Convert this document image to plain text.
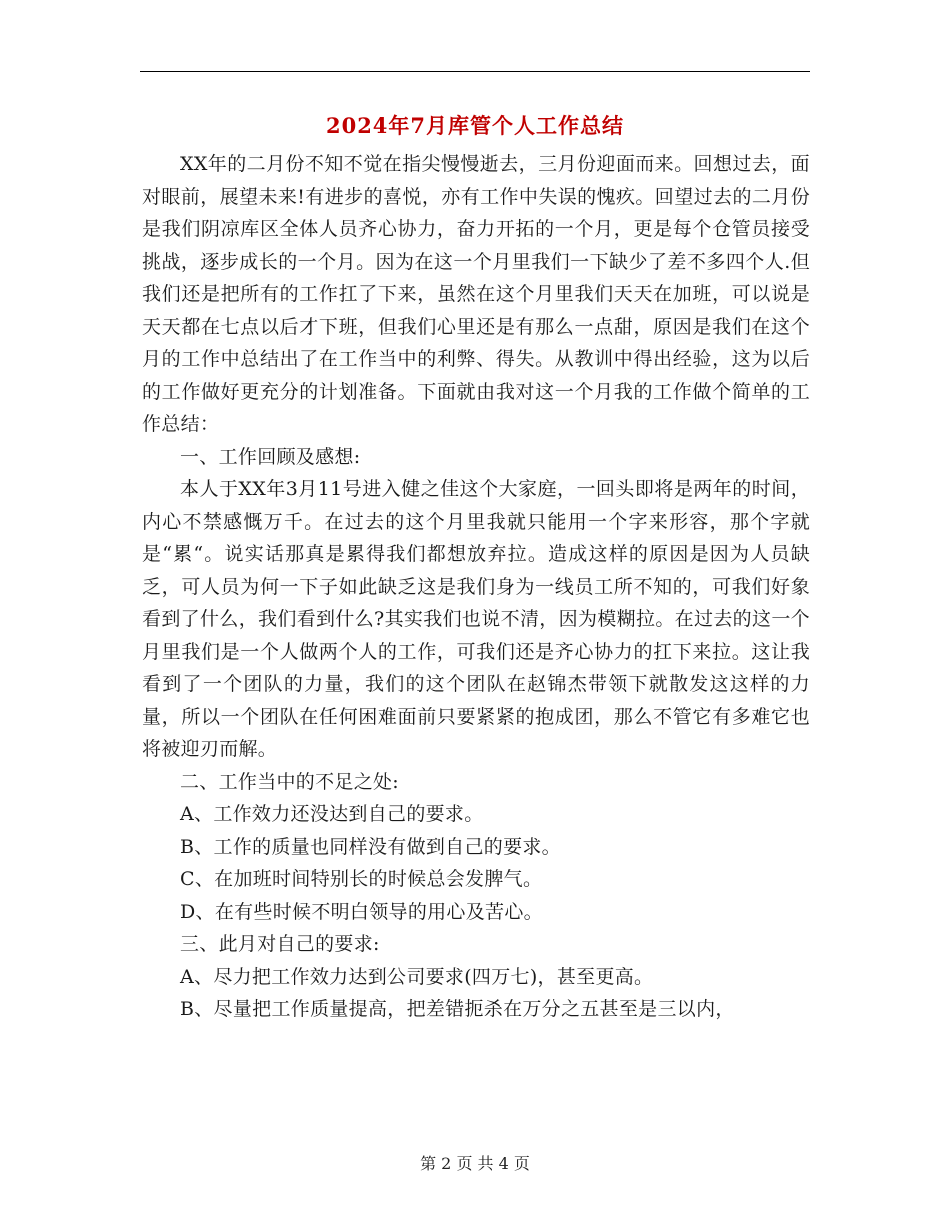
2024年7月库管个人工作总结

XX年的二月份不知不觉在指尖慢慢逝去，三月份迎面而来。回想过去，面对眼前，展望未来!有进步的喜悦，亦有工作中失误的愧疚。回望过去的二月份是我们阴凉库区全体人员齐心协力，奋力开拓的一个月，更是每个仓管员接受挑战，逐步成长的一个月。因为在这一个月里我们一下缺少了差不多四个人.但我们还是把所有的工作扛了下来，虽然在这个月里我们天天在加班，可以说是天天都在七点以后才下班，但我们心里还是有那么一点甜，原因是我们在这个月的工作中总结出了在工作当中的利弊、得失。从教训中得出经验，这为以后的工作做好更充分的计划准备。下面就由我对这一个月我的工作做个简单的工作总结：

一、工作回顾及感想:

本人于XX年3月11号进入健之佳这个大家庭，一回头即将是两年的时间，内心不禁感慨万千。在过去的这个月里我就只能用一个字来形容，那个字就是“累“。说实话那真是累得我们都想放弃拉。造成这样的原因是因为人员缺乏，可人员为何一下子如此缺乏这是我们身为一线员工所不知的，可我们好象看到了什么，我们看到什么?其实我们也说不清，因为模糊拉。在过去的这一个月里我们是一个人做两个人的工作，可我们还是齐心协力的扛下来拉。这让我看到了一个团队的力量，我们的这个团队在赵锦杰带领下就散发这这样的力量，所以一个团队在任何困难面前只要紧紧的抱成团，那么不管它有多难它也将被迎刃而解。

二、工作当中的不足之处:

A、工作效力还没达到自己的要求。

B、工作的质量也同样没有做到自己的要求。

C、在加班时间特别长的时候总会发脾气。

D、在有些时候不明白领导的用心及苦心。

三、此月对自己的要求:

A、尽力把工作效力达到公司要求(四万七)，甚至更高。

B、尽量把工作质量提高，把差错扼杀在万分之五甚至是三以内，

第 2 页 共 4 页
